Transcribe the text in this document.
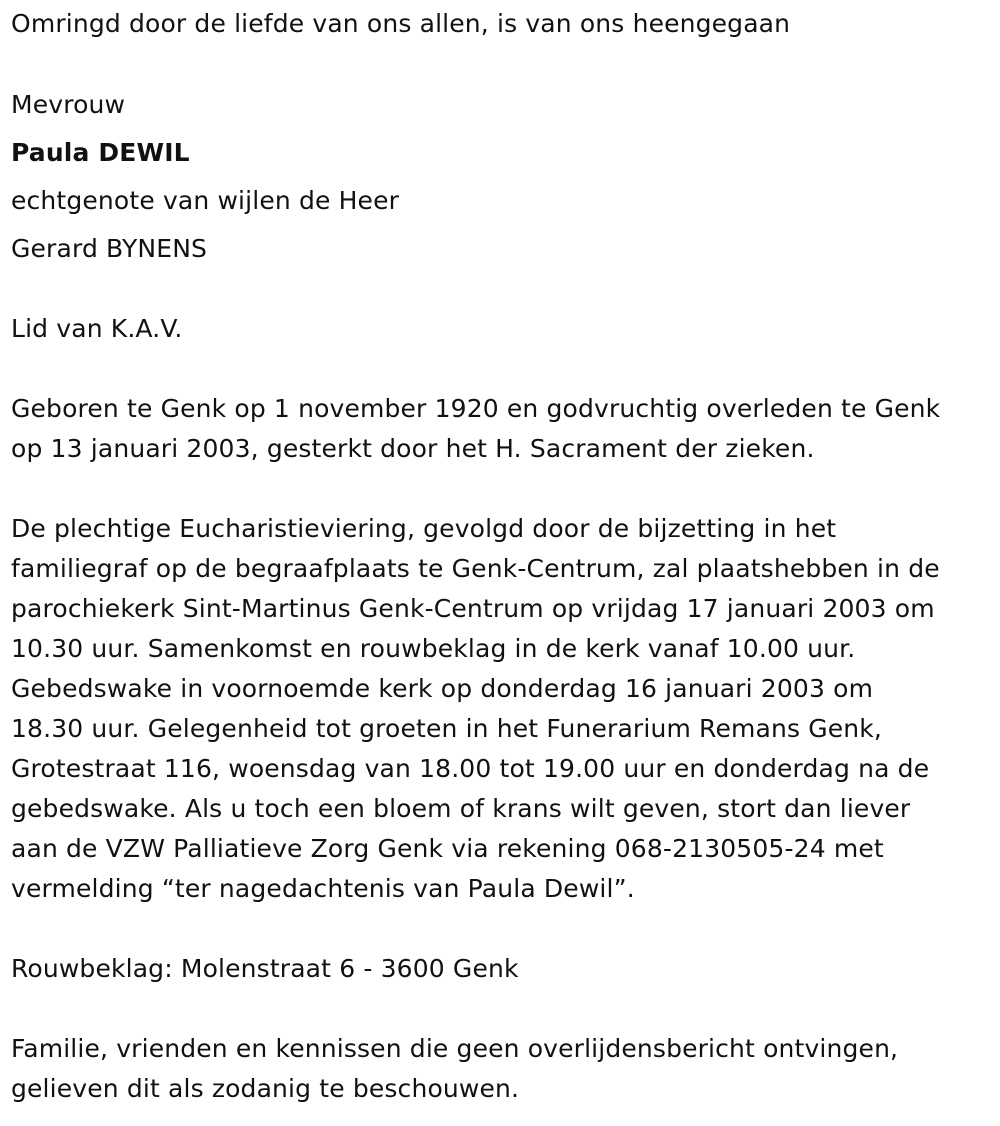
Omringd door de liefde van ons allen, is van ons heengegaan

Mevrouw

Paula DEWIL

echtgenote van wijlen de Heer

Gerard BYNENS

Lid van K.A.V.

Geboren te Genk op 1 november 1920 en godvruchtig overleden te Genk

op 13 januari 2003, gesterkt door het H. Sacrament der zieken.

De plechtige Eucharistieviering, gevolgd door de bijzetting in het

familiegraf op de begraafplaats te Genk-Centrum, zal plaatshebben in de

parochiekerk Sint-Martinus Genk-Centrum op vrijdag 17 januari 2003 om

10.30 uur. Samenkomst en rouwbeklag in de kerk vanaf 10.00 uur.

Gebedswake in voornoemde kerk op donderdag 16 januari 2003 om

18.30 uur. Gelegenheid tot groeten in het Funerarium Remans Genk,

Grotestraat 116, woensdag van 18.00 tot 19.00 uur en donderdag na de

gebedswake. Als u toch een bloem of krans wilt geven, stort dan liever

aan de VZW Palliatieve Zorg Genk via rekening 068-2130505-24 met

vermelding “ter nagedachtenis van Paula Dewil”.

Rouwbeklag: Molenstraat 6 - 3600 Genk

Familie, vrienden en kennissen die geen overlijdensbericht ontvingen,

gelieven dit als zodanig te beschouwen.
